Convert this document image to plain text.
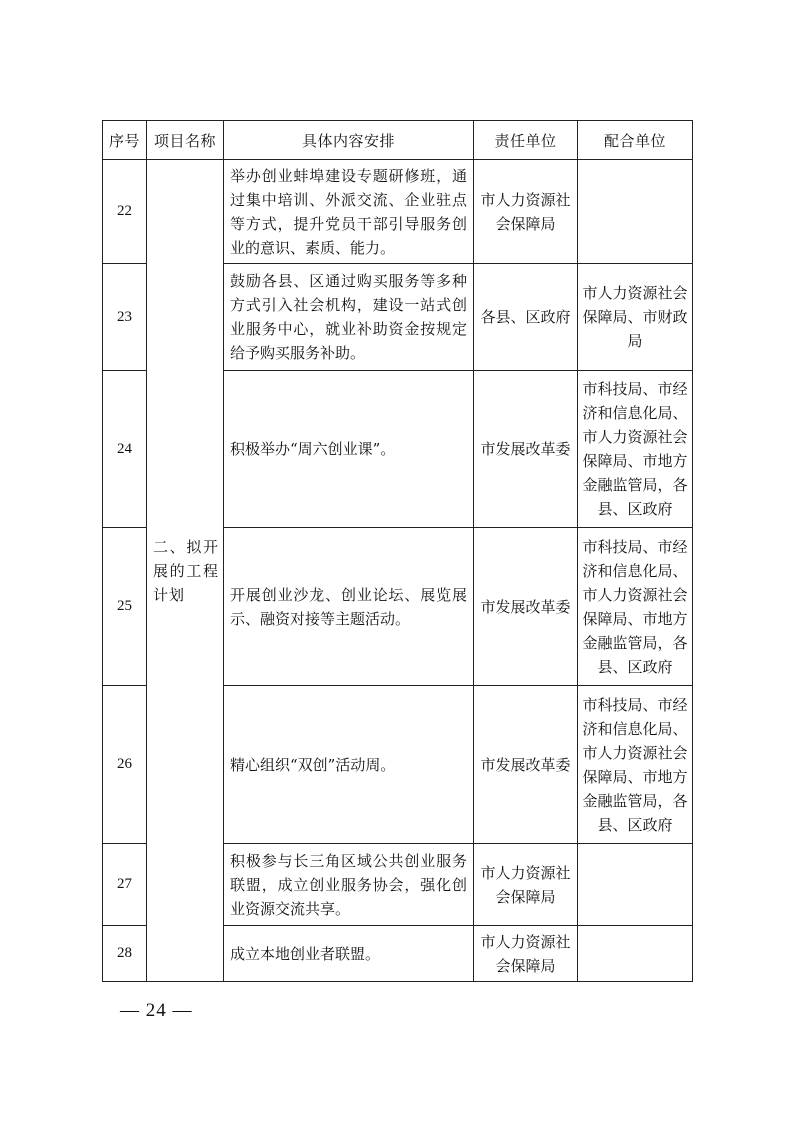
序号	项目名称	具体内容安排	责任单位	配合单位
22	二、拟开展的工程计划	举办创业蚌埠建设专题研修班，通过集中培训、外派交流、企业驻点等方式，提升党员干部引导服务创业的意识、素质、能力。	市人力资源社会保障局	
23		鼓励各县、区通过购买服务等多种方式引入社会机构，建设一站式创业服务中心，就业补助资金按规定给予购买服务补助。	各县、区政府	市人力资源社会保障局、市财政局
24		积极举办“周六创业课”。	市发展改革委	市科技局、市经济和信息化局、市人力资源社会保障局、市地方金融监管局，各县、区政府
25		开展创业沙龙、创业论坛、展览展示、融资对接等主题活动。	市发展改革委	市科技局、市经济和信息化局、市人力资源社会保障局、市地方金融监管局，各县、区政府
26		精心组织“双创”活动周。	市发展改革委	市科技局、市经济和信息化局、市人力资源社会保障局、市地方金融监管局，各县、区政府
27		积极参与长三角区域公共创业服务联盟，成立创业服务协会，强化创业资源交流共享。	市人力资源社会保障局	
28		成立本地创业者联盟。	市人力资源社会保障局	
— 24 —
